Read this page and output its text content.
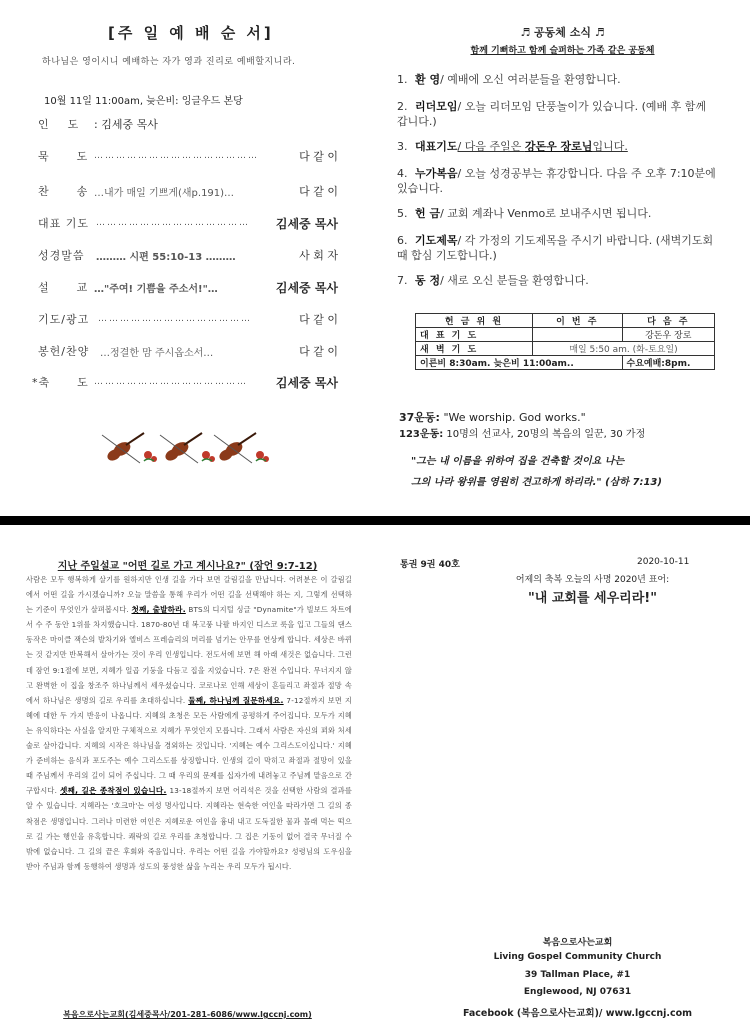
[주 일 예 배 순 서]
하나님은 영이시니 예배하는 자가 영과 진리로 예배할지니라.
10월 11일 11:00am, 늦은비: 잉글우드 본당
인 도	: 김세중 목사
묵 도 ………………………………………	다 같 이
찬 송 …내가 매일 기쁘게(새p.191)…	다 같 이
대표 기도 ……………………………………	김세중 목사
성경말씀	……… 시편 55:10-13 ………	사 회 자
설 교 …"주여! 기쁨을 주소서!"…	김세중 목사
기도/광고 ……………………………………	다 같 이
봉헌/찬양	…정결한 맘 주시옵소서…	다 같 이
*축 도 ……………………………………	김세중 목사
♬ 공동체 소식 ♬
함께 기뻐하고 함께 슬퍼하는 가족 같은 공동체
1. 환 영/ 예배에 오신 여러분들을 환영합니다.
2. 리더모임/ 오늘 리더모임 단풍놀이가 있습니다. (예배 후 함께 갑니다.)
3. 대표기도/ 다음 주일은 강돈우 장로님입니다.
4. 누가복음/ 오늘 성경공부는 휴강합니다. 다음 주 오후 7:10분에 있습니다.
5. 헌 금/ 교회 계좌나 Venmo로 보내주시면 됩니다.
6. 기도제목/ 각 가정의 기도제목을 주시기 바랍니다. (새벽기도회 때 합심 기도합니다.)
7. 동 정/ 새로 오신 분들을 환영합니다.
헌 금 위 원	이 번 주	다 음 주
대 표 기 도		강돈우 장로
새 벽 기 도	매일 5:50 am. (화-토요일)	
이른비 8:30am. 늦은비 11:00am..		수요예배:8pm.
37운동: "We worship. God works."
123운동: 10명의 선교사, 20명의 복음의 일꾼, 30 가정
"그는 내 이름을 위하여 집을 건축할 것이요 나는
그의 나라 왕위를 영원히 견고하게 하리라." (삼하 7:13)
지난 주일설교 "어떤 길로 가고 계시나요?" (잠언 9:7-12)
사람은 모두 행복하게 살기를 원하지만 인생 길을 가다 보면 갈림길을 만납니다. 어려분은 이 갈림길에서 어떤 길을 가시겠습니까? 오늘 말씀을 통해 우리가 어떤 길을 선택해야 하는 지, 그렇게 선택하는 기준이 무엇인가 살펴봅시다. 첫째, 출발하라. BTS의 디지털 싱글 "Dynamite"가 빌보드 차트에서 수 주 동안 1위를 차지했습니다. 1870-80년 대 복고풍 나팔 바지인 디스코 룩을 입고 그들의 댄스 동작은 마이클 잭슨의 발차기와 엘비스 프레슬리의 머리를 넘기는 안무를 연상케 합니다. 세상은 바뀌는 것 같지만 반복해서 살아가는 것이 우리 인생입니다. 전도서에 보면 해 아래 새것은 없습니다. 그런데 잠언 9:1절에 보면, 지혜가 일곱 기둥을 다듬고 집을 지었습니다. 7은 완전 수입니다. 무너지지 않고 완벽한 이 집을 창조주 하나님께서 세우셨습니다. 코로나로 인해 세상이 흔들리고 좌절과 절망 속에서 하나님은 생명의 길로 우리를 초대하십니다. 둘째, 하나님께 질문하세요. 7-12절까지 보면 지혜에 대한 두 가지 반응이 나옵니다. 지혜의 초청은 모든 사람에게 공평하게 주어집니다. 모두가 지혜는 유익하다는 사실을 알지만 구체적으로 지혜가 무엇인지 모릅니다. 그래서 사람은 자신의 꾀와 처세술로 살아갑니다. 지혜의 시작은 하나님을 경외하는 것입니다. '지혜는 예수 그리스도이십니다.' 지혜가 준비하는 음식과 포도주는 예수 그리스도를 상징합니다. 인생의 길이 막히고 좌절과 절망이 있을 때 주님께서 우리의 길이 되어 주십니다. 그 때 우리의 문제를 십자가에 내려놓고 주님께 맡음으로 간구합시다. 셋째, 길은 종착점이 있습니다. 13-18절까지 보면 어리석은 것을 선택한 사람의 결과를 알 수 있습니다. 지혜라는 '호크마'는 여성 명사입니다. 지혜라는 현숙한 여인을 따라가면 그 길의 종착점은 생명입니다. 그러나 미련한 여인은 지혜로운 여인을 흉내 내고 도둑질한 물과 몰래 먹는 떡으로 길 가는 행인을 유혹합니다. 쾌락의 길로 우리를 초청합니다. 그 집은 기동이 없어 결국 무너질 수 밖에 없습니다. 그 길의 끝은 후회와 죽음입니다. 우리는 어떤 길을 가야할까요? 성령님의 도우심을 받아 주님과 함께 동행하여 생명과 성도의 풍성한 삶을 누리는 우리 모두가 됩시다.
복음으로사는교회(김세중목사/201-281-6086/www.lgccnj.com)
통권 9권 40호	2020-10-11
어제의 축복 오늘의 사명 2020년 표어:
"내 교회를 세우리라!"
복음으로사는교회
Living Gospel Community Church
39 Tallman Place, #1
Englewood, NJ 07631
Facebook (복음으로사는교회)/ www.lgccnj.com
